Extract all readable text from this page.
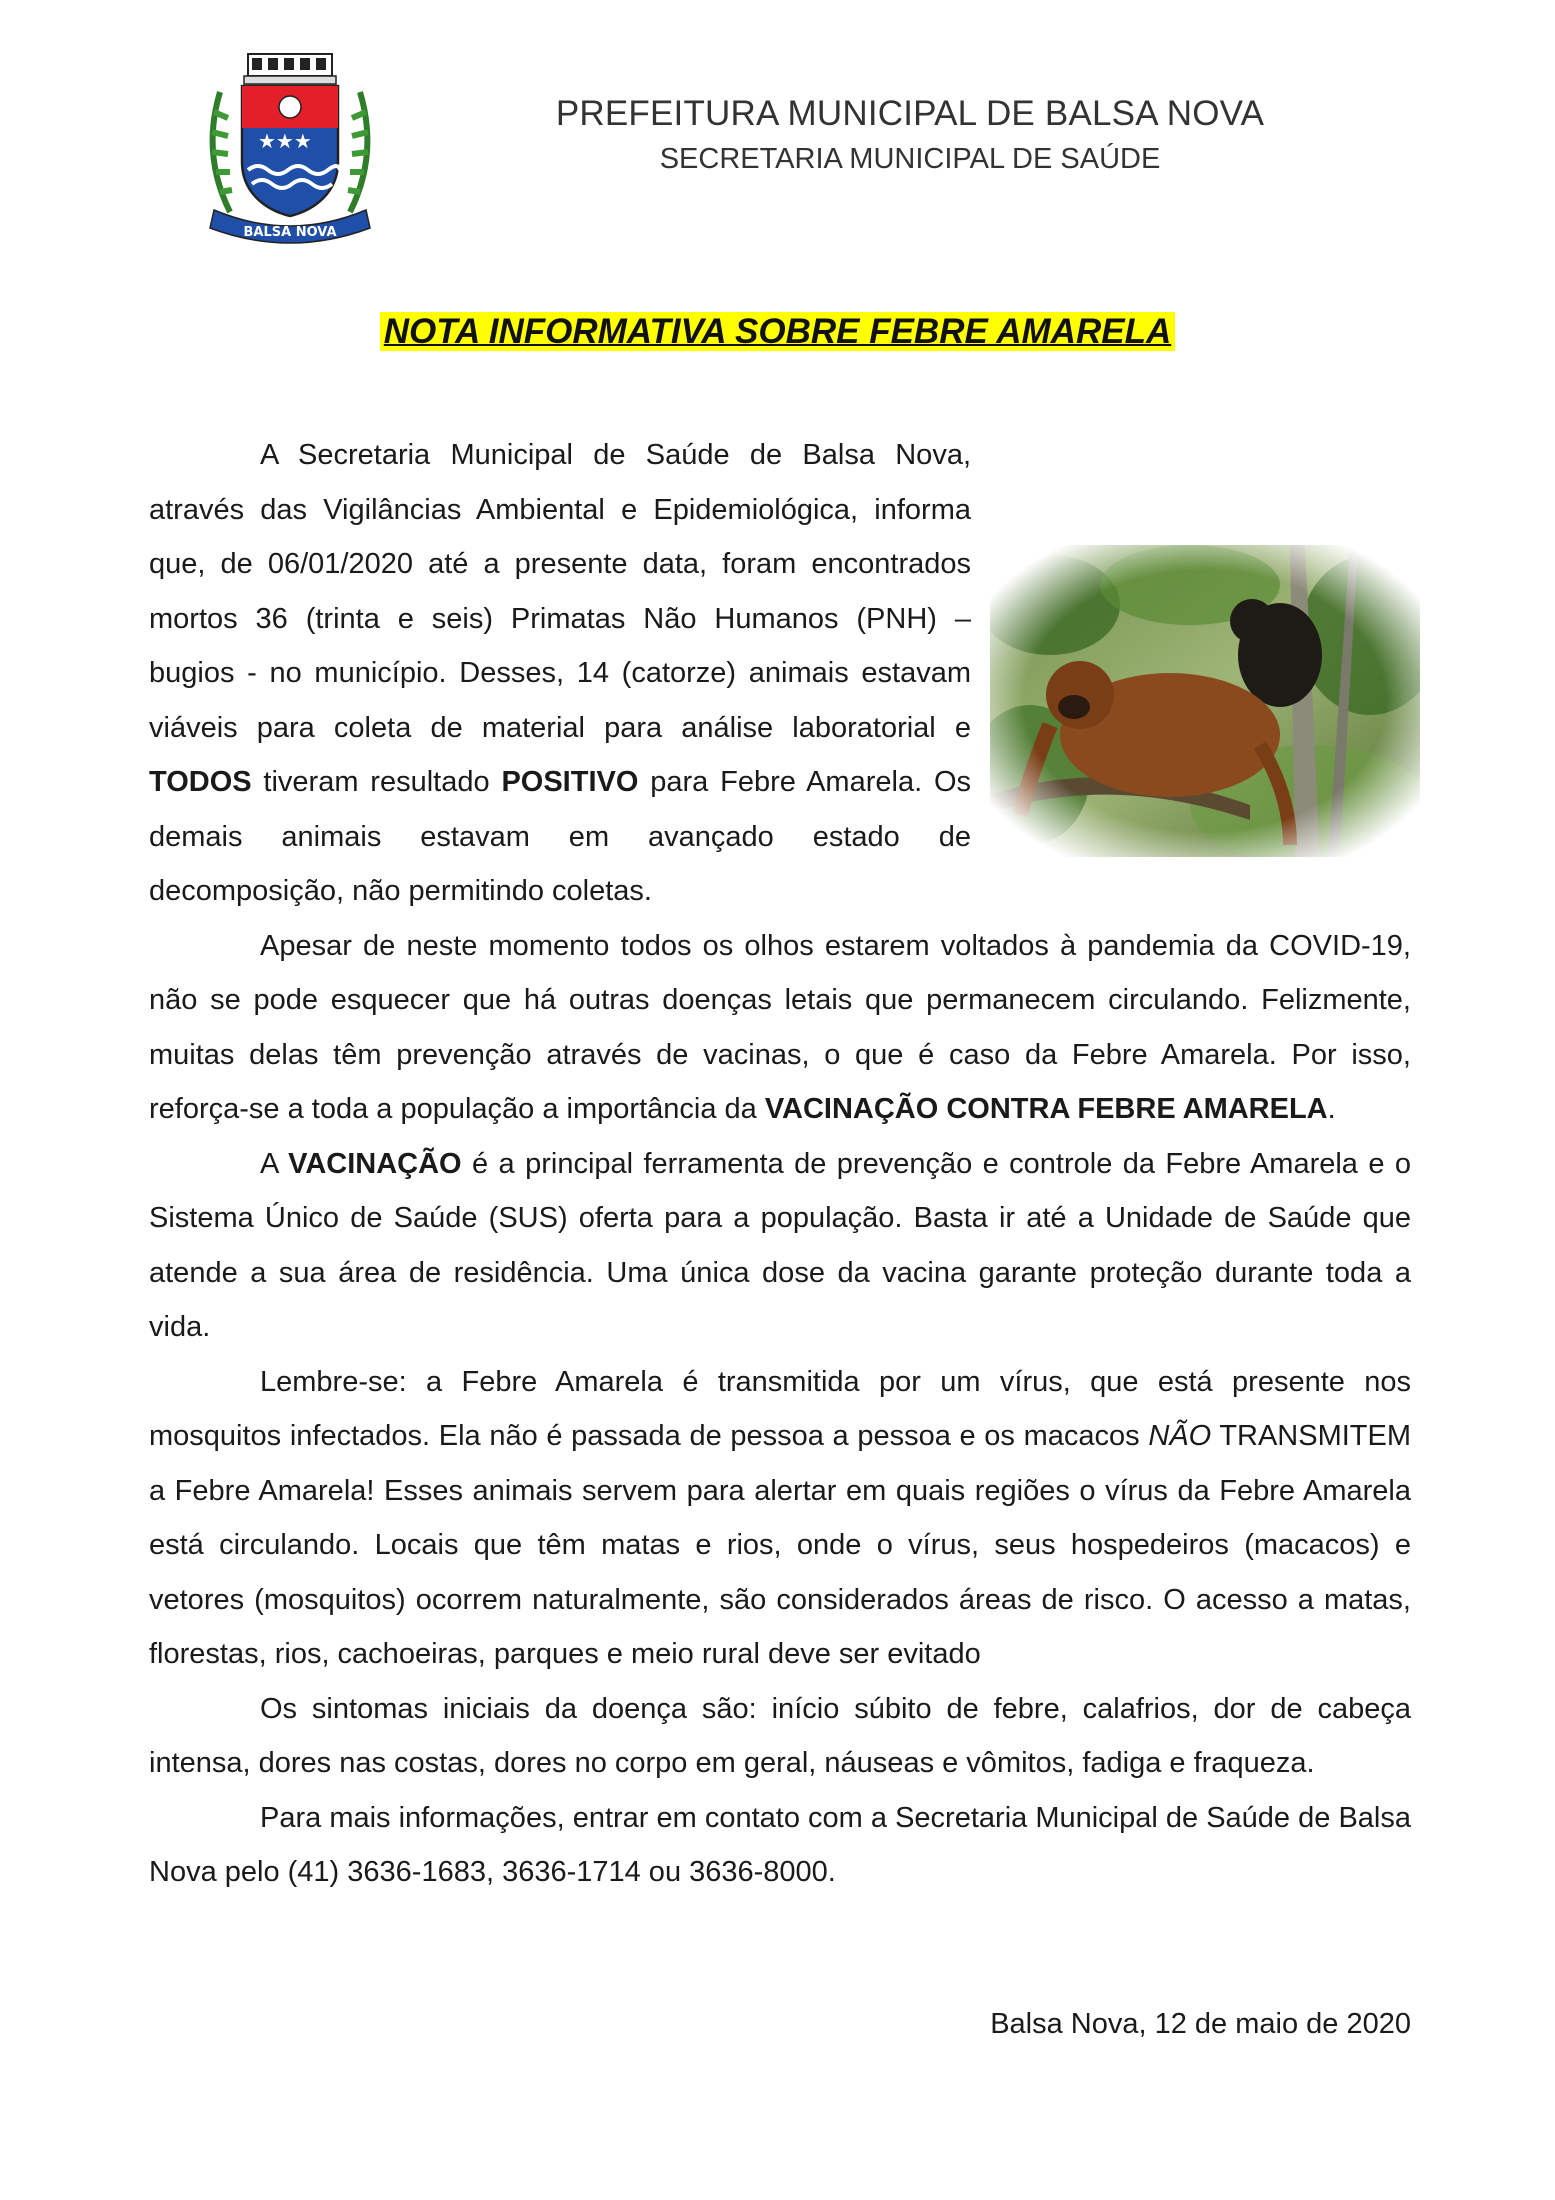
★★★
BALSA NOVA
PREFEITURA MUNICIPAL DE BALSA NOVA
SECRETARIA MUNICIPAL DE SAÚDE
NOTA INFORMATIVA SOBRE FEBRE AMARELA

A Secretaria Municipal de Saúde de Balsa Nova, através das Vigilâncias Ambiental e Epidemiológica, informa que, de 06/01/2020 até a presente data, foram encontrados mortos 36 (trinta e seis) Primatas Não Humanos (PNH) – bugios - no município. Desses, 14 (catorze) animais estavam viáveis para coleta de material para análise laboratorial e TODOS tiveram resultado POSITIVO para Febre Amarela. Os demais animais estavam em avançado estado de decomposição, não permitindo coletas.

Apesar de neste momento todos os olhos estarem voltados à pandemia da COVID-19, não se pode esquecer que há outras doenças letais que permanecem circulando. Felizmente, muitas delas têm prevenção através de vacinas, o que é caso da Febre Amarela. Por isso, reforça-se a toda a população a importância da VACINAÇÃO CONTRA FEBRE AMARELA.

A VACINAÇÃO é a principal ferramenta de prevenção e controle da Febre Amarela e o Sistema Único de Saúde (SUS) oferta para a população. Basta ir até a Unidade de Saúde que atende a sua área de residência. Uma única dose da vacina garante proteção durante toda a vida.

Lembre-se: a Febre Amarela é transmitida por um vírus, que está presente nos mosquitos infectados. Ela não é passada de pessoa a pessoa e os macacos NÃO TRANSMITEM a Febre Amarela! Esses animais servem para alertar em quais regiões o vírus da Febre Amarela está circulando. Locais que têm matas e rios, onde o vírus, seus hospedeiros (macacos) e vetores (mosquitos) ocorrem naturalmente, são considerados áreas de risco. O acesso a matas, florestas, rios, cachoeiras, parques e meio rural deve ser evitado

Os sintomas iniciais da doença são: início súbito de febre, calafrios, dor de cabeça intensa, dores nas costas, dores no corpo em geral, náuseas e vômitos, fadiga e fraqueza.

Para mais informações, entrar em contato com a Secretaria Municipal de Saúde de Balsa Nova pelo (41) 3636-1683, 3636-1714 ou 3636-8000.

Balsa Nova, 12 de maio de 2020
